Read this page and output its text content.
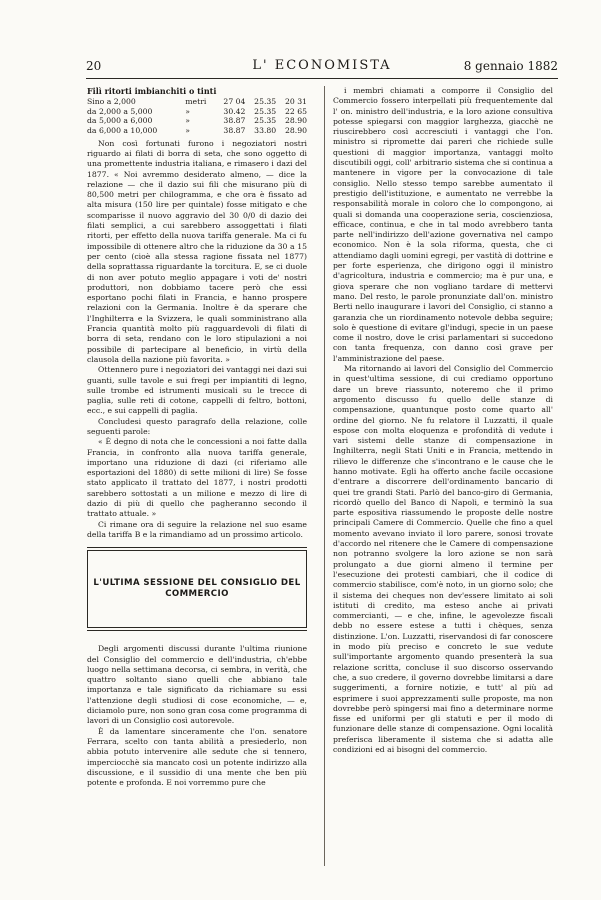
20	L' ECONOMISTA	8 gennaio 1882

Filì ritorti imbianchiti o tinti

Sino a 2,000	metri	27 04	25.35	20 31
da 2,000 a 5,000	»	30.42	25.35	22 65
da 5,000 a 6,000	»	38.87	25.35	28.90
da 6,000 a 10,000	»	38.87	33.80	28.90

Non così fortunati furono i negoziatori nostri riguardo ai filati di borra di seta, che sono oggetto di una promettente industria italiana, e rimasero i dazi del 1877. « Noi avremmo desiderato almeno, — dice la relazione — che il dazio sui fili che misurano più di 80,500 metri per chilogramma, e che ora è fissato ad alta misura (150 lire per quintale) fosse mitigato e che scomparisse il nuovo aggravio del 30 0/0 di dazio dei filati semplici, a cui sarebbero assoggettati i filati ritorti, per effetto della nuova tariffa generale. Ma ci fu impossibile di ottenere altro che la riduzione da 30 a 15 per cento (cioè alla stessa ragione fissata nel 1877) della soprattassa riguardante la torcitura. E, se ci duole di non aver potuto meglio appagare i voti de' nostri produttori, non dobbiamo tacere però che essi esportano pochi filati in Francia, e hanno prospere relazioni con la Germania. Inoltre è da sperare che l'Inghilterra e la Svizzera, le quali somministrano alla Francia quantità molto più ragguardevoli di filati di borra di seta, rendano con le loro stipulazioni a noi possibile di partecipare al beneficio, in virtù della clausola della nazione più favorita. »

Ottennero pure i negoziatori dei vantaggi nei dazi sui guanti, sulle tavole e sui fregi per impiantiti di legno, sulle trombe ed istrumenti musicali su le trecce di paglia, sulle reti di cotone, cappelli di feltro, bottoni, ecc., e sui cappelli di paglia.

Concludesi questo paragrafo della relazione, colle seguenti parole:

« È degno di nota che le concessioni a noi fatte dalla Francia, in confronto alla nuova tariffa generale, importano una riduzione di dazi (ci riferiamo alle esportazioni del 1880) di sette milioni di lire) Se fosse stato applicato il trattato del 1877, i nostri prodotti sarebbero sottostati a un milione e mezzo di lire di dazio di più di quello che pagheranno secondo il trattato attuale. »

Ci rimane ora di seguire la relazione nel suo esame della tariffa B e la rimandiamo ad un prossimo articolo.

L'ULTIMA SESSIONE DEL CONSIGLIO DEL COMMERCIO

Degli argomenti discussi durante l'ultima riunione del Consiglio del commercio e dell'industria, ch'ebbe luogo nella settimana decorsa, ci sembra, in verità, che quattro soltanto siano quelli che abbiano tale importanza e tale significato da richiamare su essi l'attenzione degli studiosi di cose economiche, — e, diciamolo pure, non sono gran cosa come programma di lavori di un Consiglio così autorevole.

È da lamentare sinceramente che l'on. senatore Ferrara, scelto con tanta abilità a presiederlo, non abbia potuto intervenire alle sedute che si tennero, imperciocchè sia mancato così un potente indirizzo alla discussione, e il sussidio di una mente che ben più potente e profonda. E noi vorremmo pure che

i membri chiamati a comporre il Consiglio del Commercio fossero interpellati più frequentemente dal l' on. ministro dell'industria, e la loro azione consultiva potesse spiegarsi con maggior larghezza, giacchè ne riuscirebbero così accresciuti i vantaggi che l'on. ministro si ripromette dai pareri che richiede sulle questioni di maggior importanza, vantaggi molto discutibili oggi, coll' arbitrario sistema che si continua a mantenere in vigore per la convocazione di tale consiglio. Nello stesso tempo sarebbe aumentato il prestigio dell'istituzione, e aumentato ne verrebbe la responsabilità morale in coloro che lo compongono, ai quali si domanda una cooperazione seria, coscienziosa, efficace, continua, e che in tal modo avrebbero tanta parte nell'indirizzo dell'azione governativa nel campo economico. Non è la sola riforma, questa, che ci attendiamo dagli uomini egregi, per vastità di dottrine e per forte esperienza, che dirigono oggi il ministro d'agricoltura, industria e commercio; ma è pur una, e giova sperare che non vogliano tardare di mettervi mano. Del resto, le parole pronunziate dall'on. ministro Berti nello inaugurare i lavori del Consiglio, ci stanno a garanzia che un riordinamento notevole debba seguire; solo è questione di evitare gl'indugi, specie in un paese come il nostro, dove le crisi parlamentari si succedono con tanta frequenza, con danno così grave per l'amministrazione del paese.

Ma ritornando ai lavori del Consiglio del Commercio in quest'ultima sessione, di cui crediamo opportuno dare un breve riassunto, noteremo che il primo argomento discusso fu quello delle stanze di compensazione, quantunque posto come quarto all' ordine del giorno. Ne fu relatore il Luzzatti, il quale espose con molta eloquenza e profondità di vedute i vari sistemi delle stanze di compensazione in Inghilterra, negli Stati Uniti e in Francia, mettendo in rilievo le differenze che s'incontrano e le cause che le hanno motivate. Egli ha offerto anche facile occasione d'entrare a discorrere dell'ordinamento bancario di quei tre grandi Stati. Parlò del banco-giro di Germania, ricordò quello del Banco di Napoli, e terminò la sua parte espositiva riassumendo le proposte delle nostre principali Camere di Commercio. Quelle che fino a quel momento avevano inviato il loro parere, sonosi trovate d'accordo nel ritenere che le Camere di compensazione non potranno svolgere la loro azione se non sarà prolungato a due giorni almeno il termine per l'esecuzione dei protesti cambiari, che il codice di commercio stabilisce, com'è noto, in un giorno solo; che il sistema dei cheques non dev'essere limitato ai soli istituti di credito, ma esteso anche ai privati commercianti, — e che, infine, le agevolezze fiscali debb no essere estese a tutti i chèques, senza distinzione. L'on. Luzzatti, riservandosi di far conoscere in modo più preciso e concreto le sue vedute sull'importante argomento quando presenterà la sua relazione scritta, concluse il suo discorso osservando che, a suo credere, il governo dovrebbe limitarsi a dare suggerimenti, a fornire notizie, e tutt' al più ad esprimere i suoi apprezzamenti sulle proposte, ma non dovrebbe però spingersi mai fino a determinare norme fisse ed uniformi per gli statuti e per il modo di funzionare delle stanze di compensazione. Ogni località preferisca liberamente il sistema che si adatta alle condizioni ed ai bisogni del commercio.
